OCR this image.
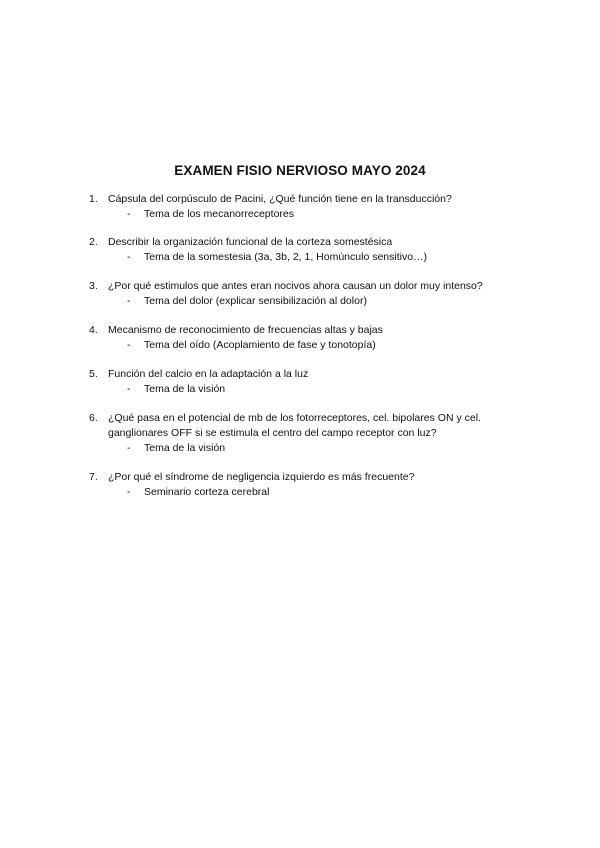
EXAMEN FISIO NERVIOSO MAYO 2024
1. Cápsula del corpúsculo de Pacini, ¿Qué función tiene en la transducción?
- Tema de los mecanorreceptores
2. Describir la organización funcional de la corteza somestésica
- Tema de la somestesia (3a, 3b, 2, 1, Homúnculo sensitivo…)
3. ¿Por qué estimulos que antes eran nocivos ahora causan un dolor muy intenso?
- Tema del dolor (explicar sensibilización al dolor)
4. Mecanismo de reconocimiento de frecuencias altas y bajas
- Tema del oído (Acoplamiento de fase y tonotopía)
5. Función del calcio en la adaptación a la luz
- Tema de la visión
6. ¿Qué pasa en el potencial de mb de los fotorreceptores, cel. bipolares ON y cel. ganglionares OFF si se estimula el centro del campo receptor con luz?
- Tema de la visión
7. ¿Por qué el síndrome de negligencia izquierdo es más frecuente?
- Seminario corteza cerebral
